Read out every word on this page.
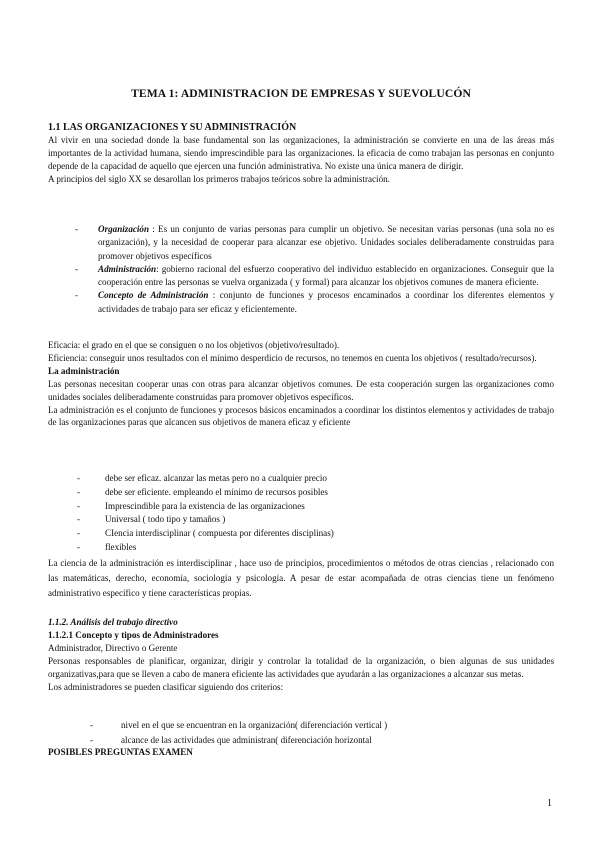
TEMA 1: ADMINISTRACION DE EMPRESAS Y SUEVOLUCÓN
1.1 LAS ORGANIZACIONES Y SU ADMINISTRACIÓN

Al vivir en una sociedad donde la base fundamental son las organizaciones, la administración se convierte en una de las áreas más importantes de la actividad humana, siendo imprescindible para las organizaciones. la eficacia de como trabajan las personas en conjunto depende de la capacidad de aquello que ejercen una función administrativa. No existe una única manera de dirigir.

A principios del siglo XX se desarollan los primeros trabajos teóricos sobre la administración.

- Organización : Es un conjunto de varias personas para cumplir un objetivo. Se necesitan varias personas (una sola no es organización), y la necesidad de cooperar para alcanzar ese objetivo. Unidades sociales deliberadamente construidas para promover objetivos específicos
- Administración: gobierno racional del esfuerzo cooperativo del individuo establecido en organizaciones. Conseguir que la cooperación entre las personas se vuelva organizada ( y formal) para alcanzar los objetivos comunes de manera eficiente.
- Concepto de Administración : conjunto de funciones y procesos encaminados a coordinar los diferentes elementos y actividades de trabajo para ser eficaz y eficientemente.

Eficacia: el grado en el que se consiguen o no los objetivos (objetivo/resultado).

Eficiencia: conseguir unos resultados con el mínimo desperdicio de recursos, no tenemos en cuenta los objetivos ( resultado/recursos).

La administración

Las personas necesitan cooperar unas con otras para alcanzar objetivos comunes. De esta cooperación surgen las organizaciones como unidades sociales deliberadamente construidas para promover objetivos específicos.

La administración es el conjunto de funciones y procesos básicos encaminados a coordinar los distintos elementos y actividades de trabajo de las organizaciones paras que alcancen sus objetivos de manera eficaz y eficiente

-	debe ser eficaz. alcanzar las metas pero no a cualquier precio
-	debe ser eficiente. empleando el mínimo de recursos posibles
-	Imprescindible para la existencia de las organizaciones
-	Universal ( todo tipo y tamaños )
-	CIencia interdisciplinar ( compuesta por diferentes disciplinas)
-	flexibles

La ciencia de la administración es interdisciplinar , hace uso de principios, procedimientos o métodos de otras ciencias , relacionado con las matemáticas, derecho, economía, sociología y psicología. A pesar de estar acompañada de otras ciencias tiene un fenómeno administrativo específico y tiene características propias.

1.1.2. Análisis del trabajo directivo

1.1.2.1 Concepto y tipos de Administradores

Administrador, Directivo o Gerente

Personas responsables de planificar, organizar, dirigir y controlar la totalidad de la organización, o bien algunas de sus unidades organizativas,para que se lleven a cabo de manera eficiente las actividades que ayudarán a las organizaciones a alcanzar sus metas.

Los administradores se pueden clasificar siguiendo dos criterios:

-	nivel en el que se encuentran en la organización( diferenciación vertical )
-	alcance de las actividades que administran( diferenciación horizontal
POSIBLES PREGUNTAS EXAMEN
1
